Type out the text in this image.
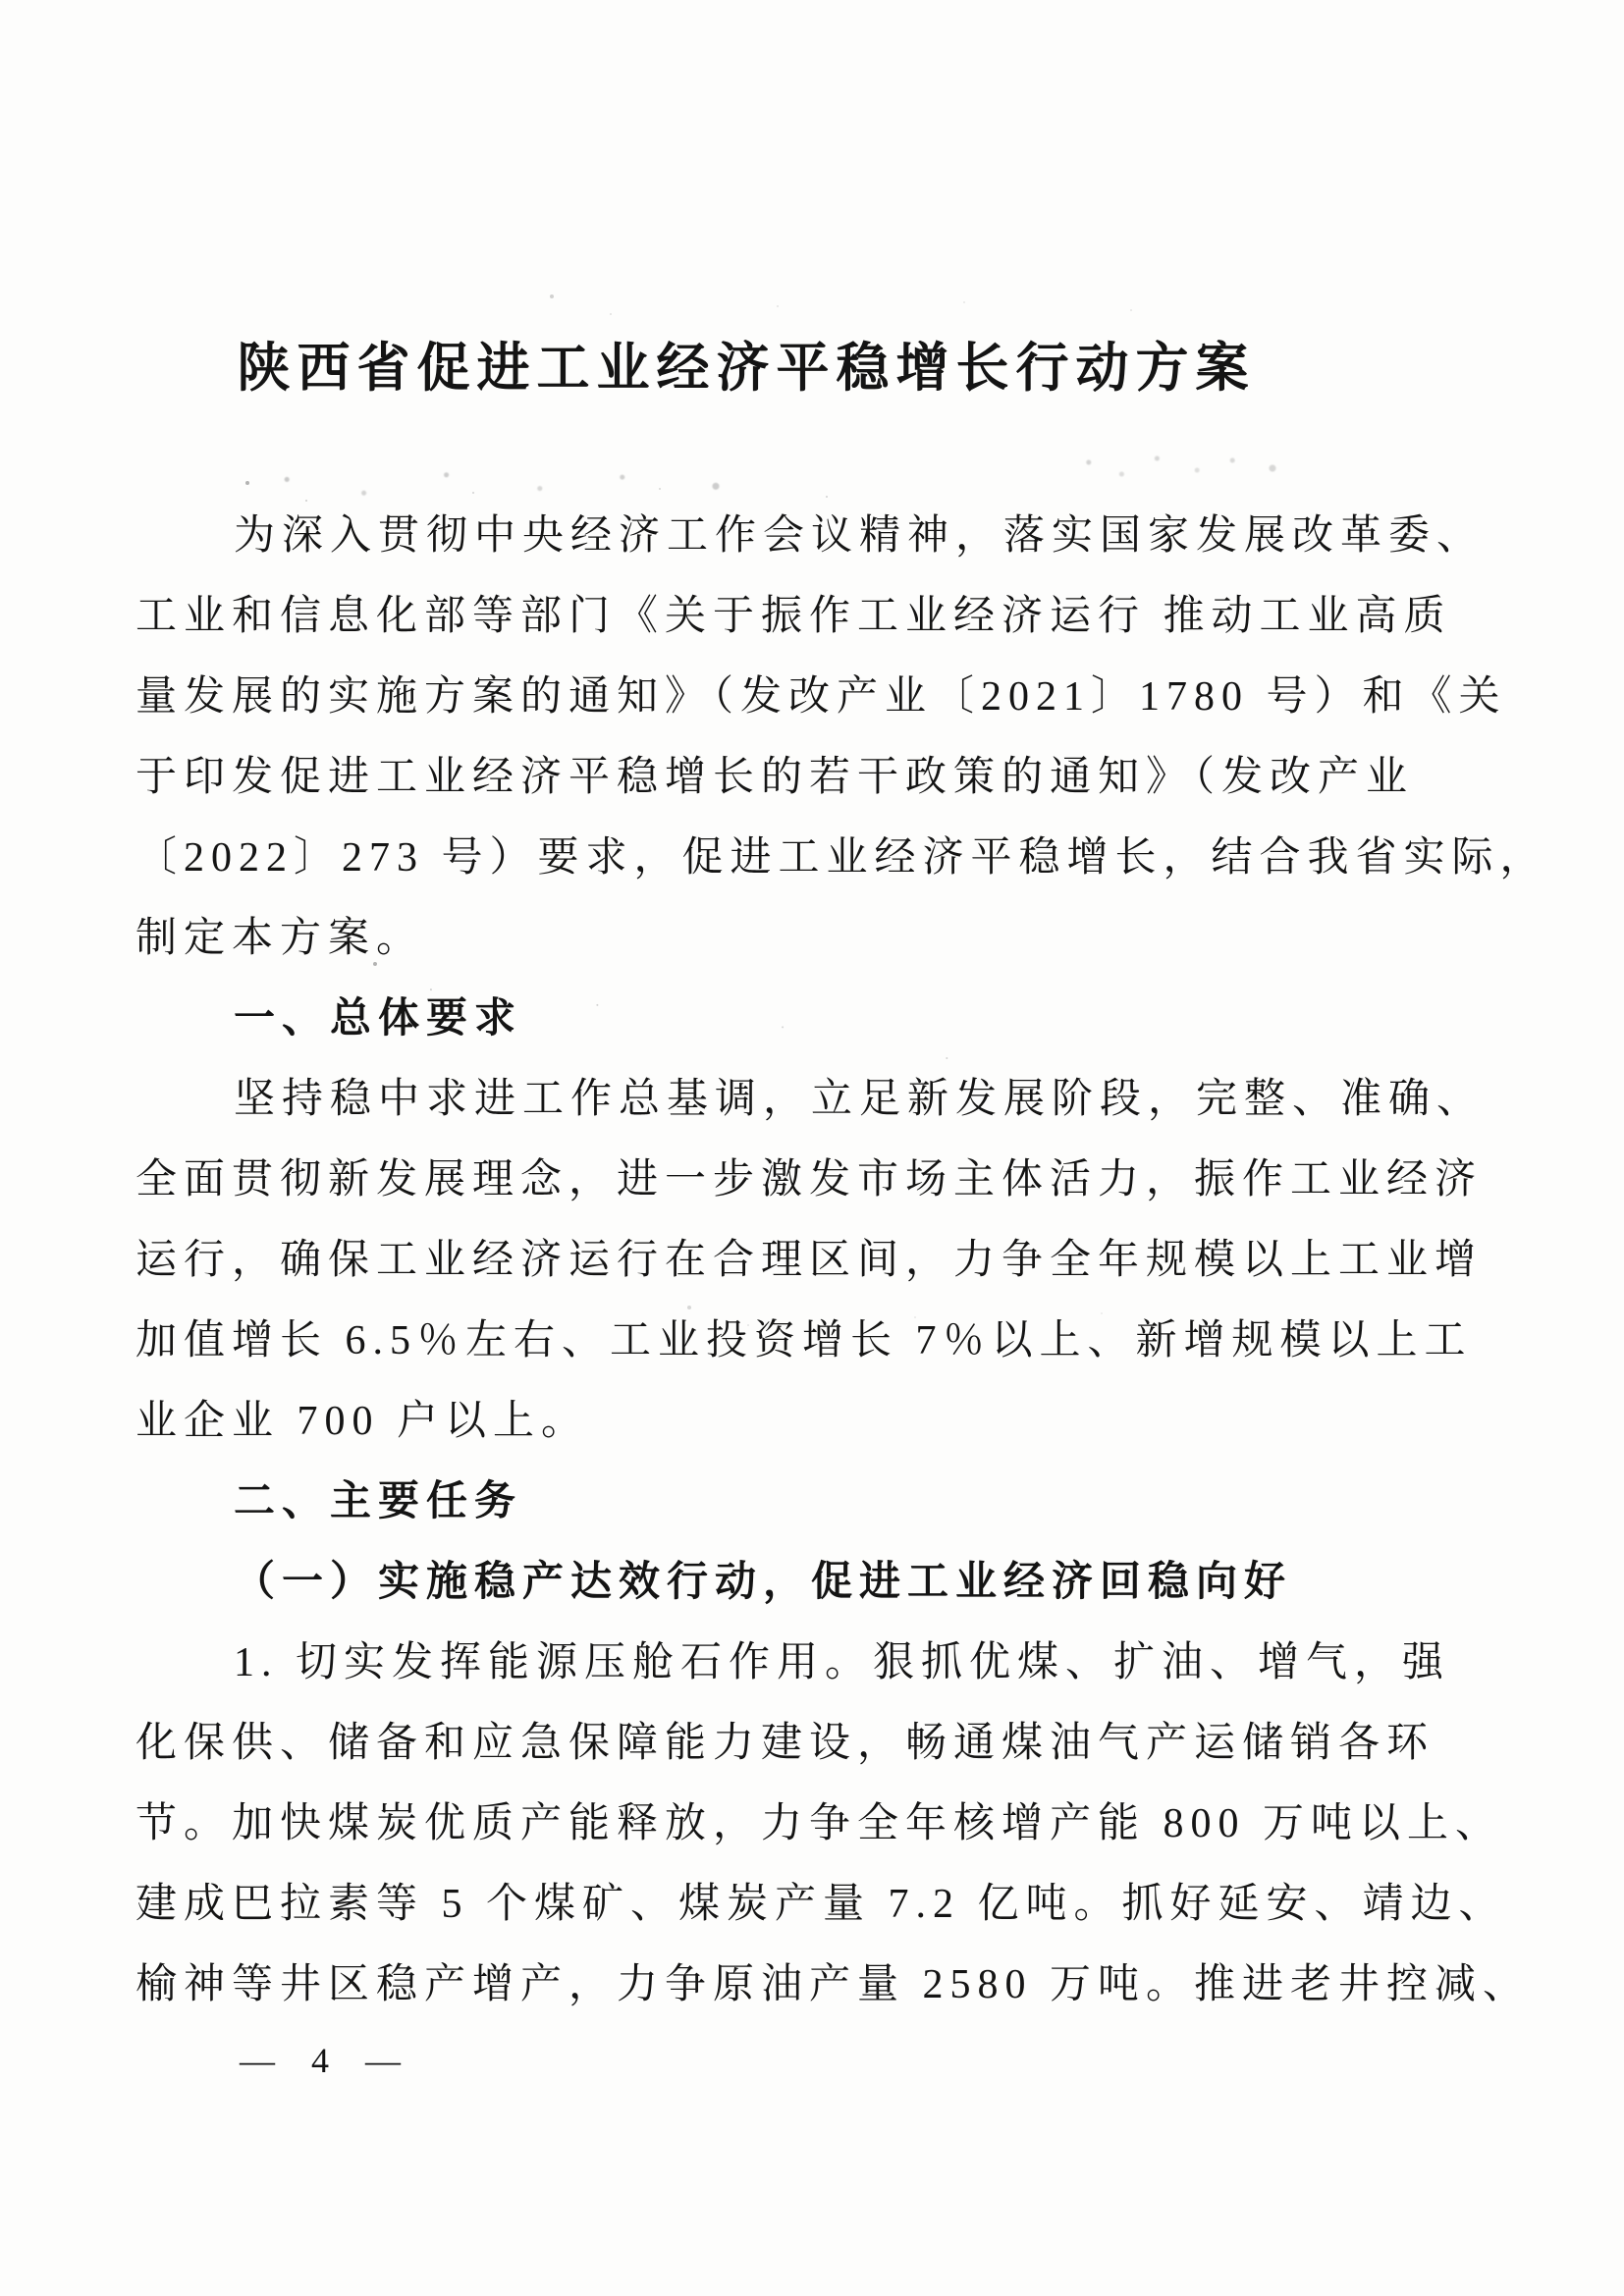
陕西省促进工业经济平稳增长行动方案
为深入贯彻中央经济工作会议精神，落实国家发展改革委、
工业和信息化部等部门《关于振作工业经济运行 推动工业高质
量发展的实施方案的通知》（发改产业〔2021〕1780 号）和《关
于印发促进工业经济平稳增长的若干政策的通知》（发改产业
〔2022〕273 号）要求，促进工业经济平稳增长，结合我省实际，
制定本方案。
一、总体要求
坚持稳中求进工作总基调，立足新发展阶段，完整、准确、
全面贯彻新发展理念，进一步激发市场主体活力，振作工业经济
运行，确保工业经济运行在合理区间，力争全年规模以上工业增
加值增长 6.5％左右、工业投资增长 7％以上、新增规模以上工
业企业 700 户以上。
二、主要任务
（一）实施稳产达效行动，促进工业经济回稳向好
1. 切实发挥能源压舱石作用。狠抓优煤、扩油、增气，强
化保供、储备和应急保障能力建设，畅通煤油气产运储销各环
节。加快煤炭优质产能释放，力争全年核增产能 800 万吨以上、
建成巴拉素等 5 个煤矿、煤炭产量 7.2 亿吨。抓好延安、靖边、
榆神等井区稳产增产，力争原油产量 2580 万吨。推进老井控减、
— 4 —
